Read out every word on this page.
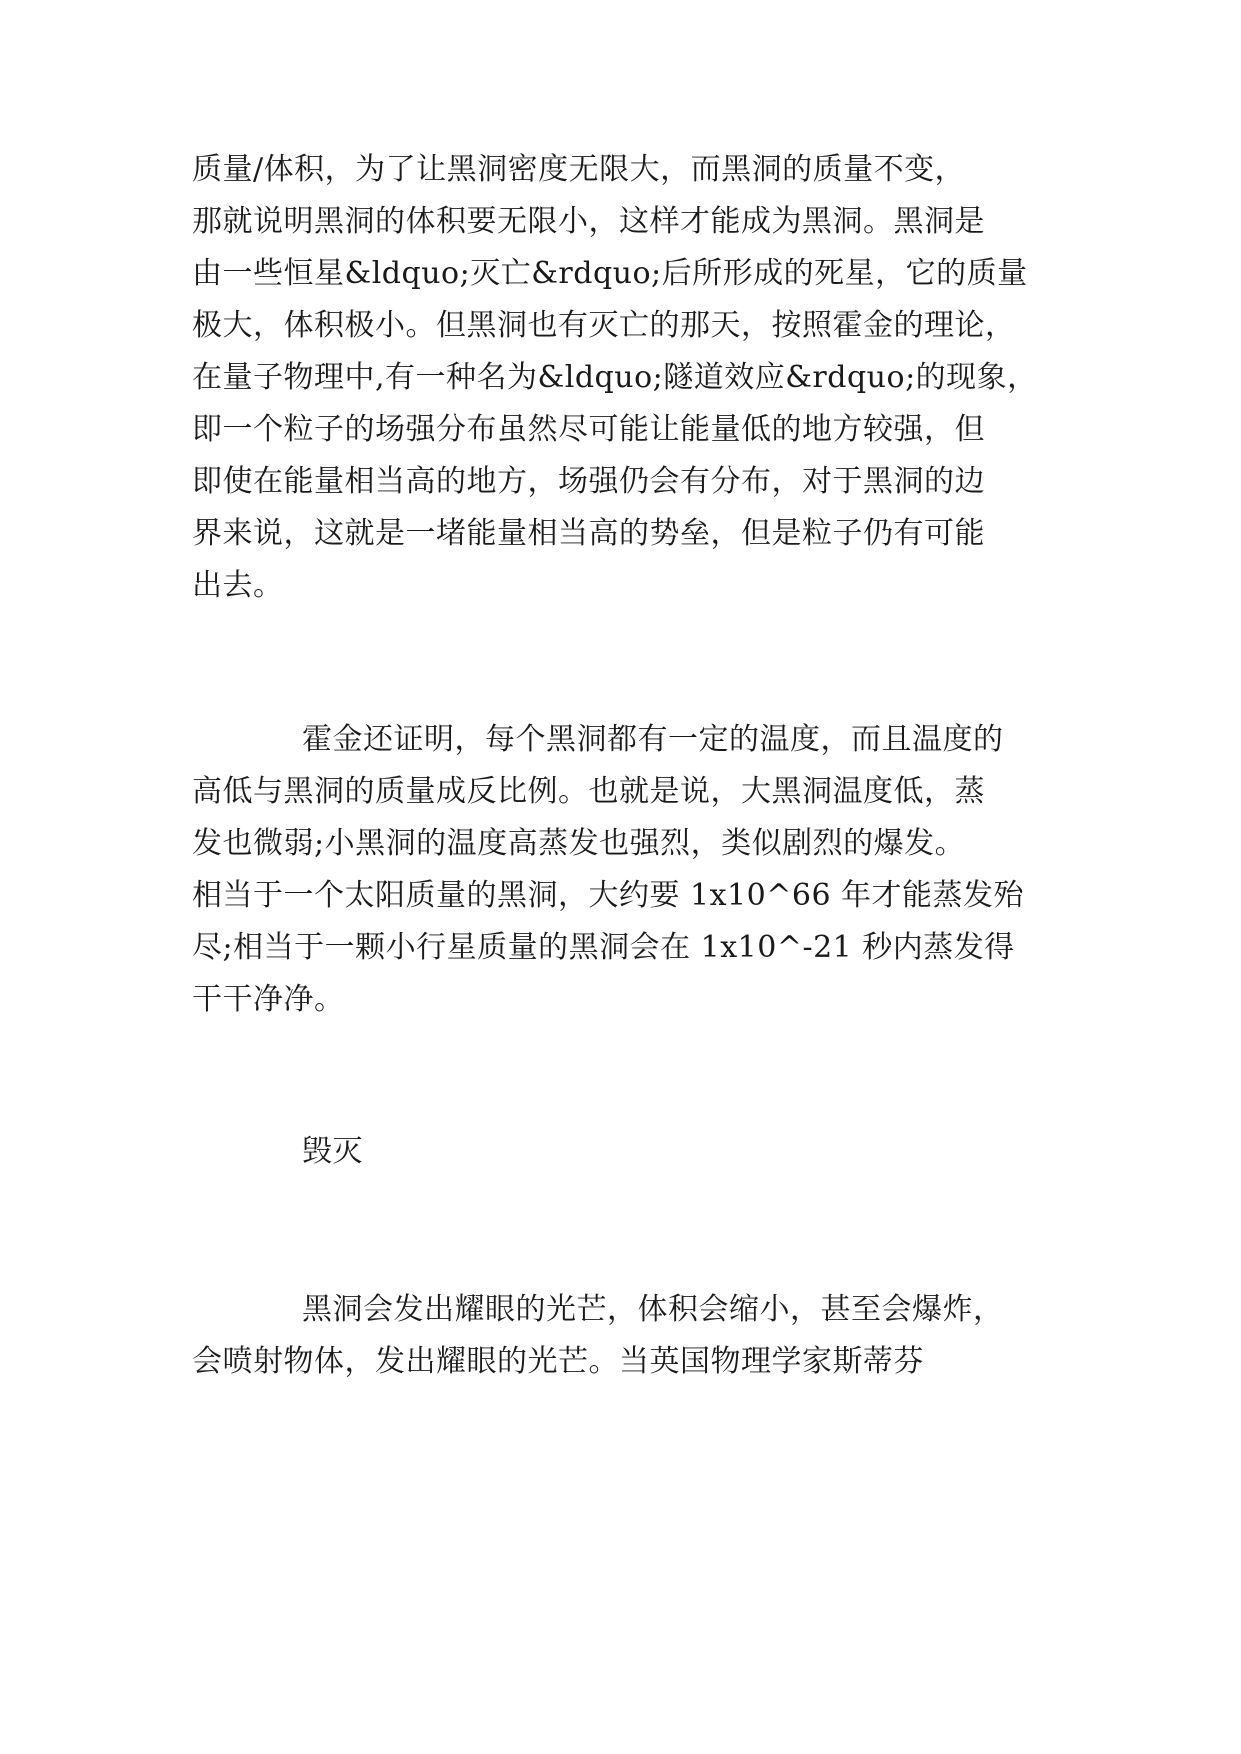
质量/体积，为了让黑洞密度无限大，而黑洞的质量不变，

那就说明黑洞的体积要无限小，这样才能成为黑洞。黑洞是

由一些恒星&ldquo;灭亡&rdquo;后所形成的死星，它的质量

极大，体积极小。但黑洞也有灭亡的那天，按照霍金的理论，

在量子物理中,有一种名为&ldquo;隧道效应&rdquo;的现象，

即一个粒子的场强分布虽然尽可能让能量低的地方较强，但

即使在能量相当高的地方，场强仍会有分布，对于黑洞的边

界来说，这就是一堵能量相当高的势垒，但是粒子仍有可能

出去。

霍金还证明，每个黑洞都有一定的温度，而且温度的

高低与黑洞的质量成反比例。也就是说，大黑洞温度低，蒸

发也微弱;小黑洞的温度高蒸发也强烈，类似剧烈的爆发。

相当于一个太阳质量的黑洞，大约要 1x10^66 年才能蒸发殆

尽;相当于一颗小行星质量的黑洞会在 1x10^-21 秒内蒸发得

干干净净。

毁灭

黑洞会发出耀眼的光芒，体积会缩小，甚至会爆炸，

会喷射物体，发出耀眼的光芒。当英国物理学家斯蒂芬
